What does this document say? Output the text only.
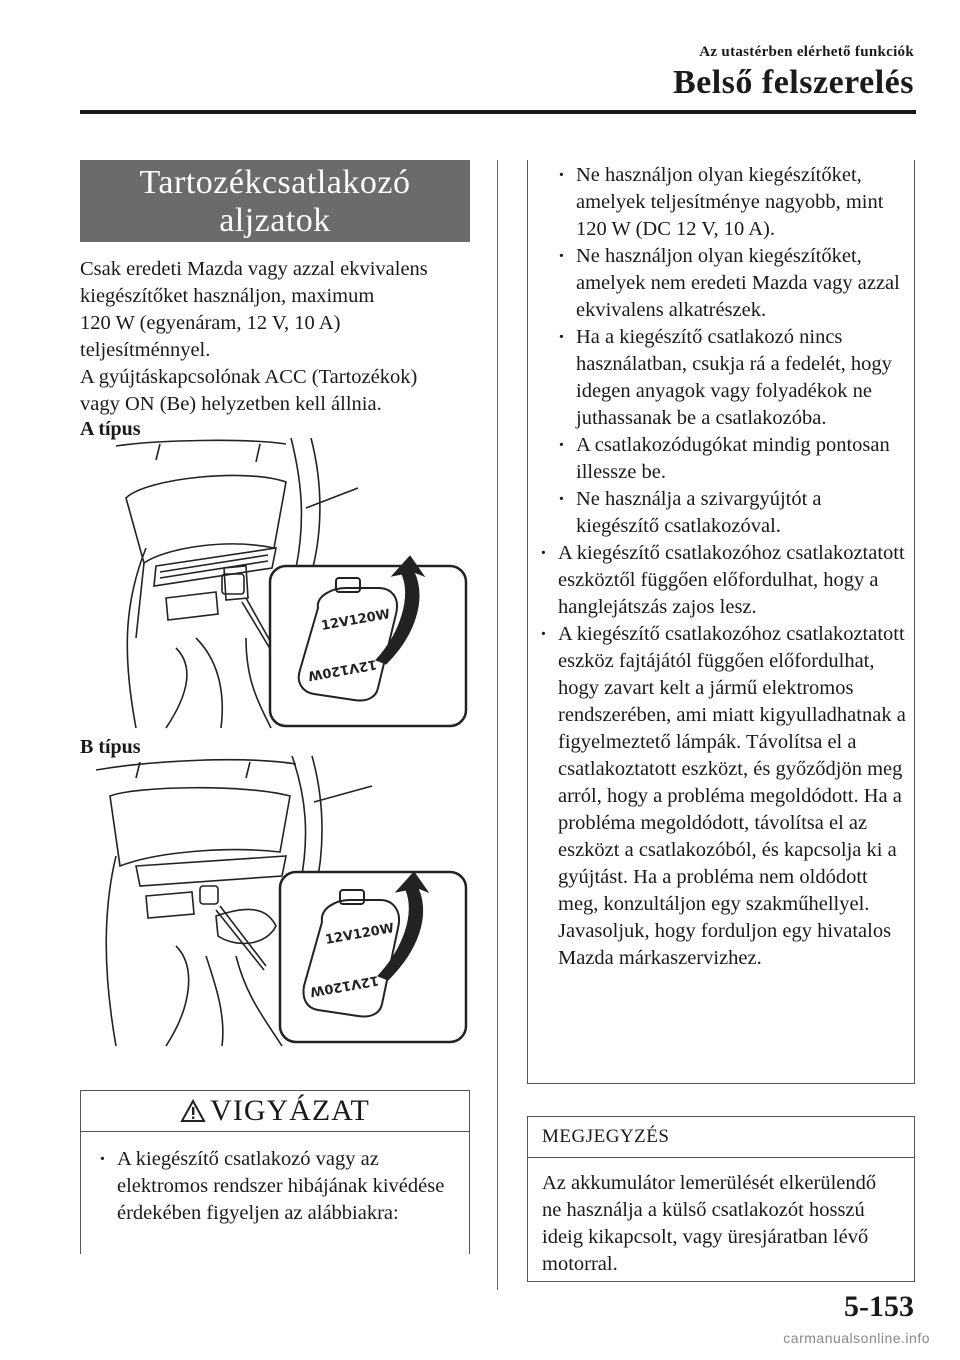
Az utastérben elérhető funkciók
Belső felszerelés
Tartozékcsatlakozó
aljzatok

Csak eredeti Mazda vagy azzal ekvivalens

kiegészítőket használjon, maximum

120 W (egyenáram, 12 V, 10 A)

teljesítménnyel.

A gyújtáskapcsolónak ACC (Tartozékok)

vagy ON (Be) helyzetben kell állnia.

A típus
12V120W
12V120W
B típus
12V120W
12V120W
VIGYÁZAT
· A kiegészítő csatlakozó vagy az elektromos rendszer hibájának kivédése érdekében figyeljen az alábbiakra:
· Ne használjon olyan kiegészítőket, amelyek teljesítménye nagyobb, mint 120 W (DC 12 V, 10 A).
· Ne használjon olyan kiegészítőket, amelyek nem eredeti Mazda vagy azzal ekvivalens alkatrészek.
· Ha a kiegészítő csatlakozó nincs használatban, csukja rá a fedelét, hogy idegen anyagok vagy folyadékok ne juthassanak be a csatlakozóba.
· A csatlakozódugókat mindig pontosan illessze be.
· Ne használja a szivargyújtót a kiegészítő csatlakozóval.
· A kiegészítő csatlakozóhoz csatlakoztatott eszköztől függően előfordulhat, hogy a hanglejátszás zajos lesz.
· A kiegészítő csatlakozóhoz csatlakoztatott eszköz fajtájától függően előfordulhat, hogy zavart kelt a jármű elektromos rendszerében, ami miatt kigyulladhatnak a figyelmeztető lámpák. Távolítsa el a csatlakoztatott eszközt, és győződjön meg arról, hogy a probléma megoldódott. Ha a probléma megoldódott, távolítsa el az eszközt a csatlakozóból, és kapcsolja ki a gyújtást. Ha a probléma nem oldódott meg, konzultáljon egy szakműhellyel. Javasoljuk, hogy forduljon egy hivatalos Mazda márkaszervizhez.
MEGJEGYZÉS
Az akkumulátor lemerülését elkerülendő ne használja a külső csatlakozót hosszú ideig kikapcsolt, vagy üresjáratban lévő motorral.
5-153
carmanualsonline.info
